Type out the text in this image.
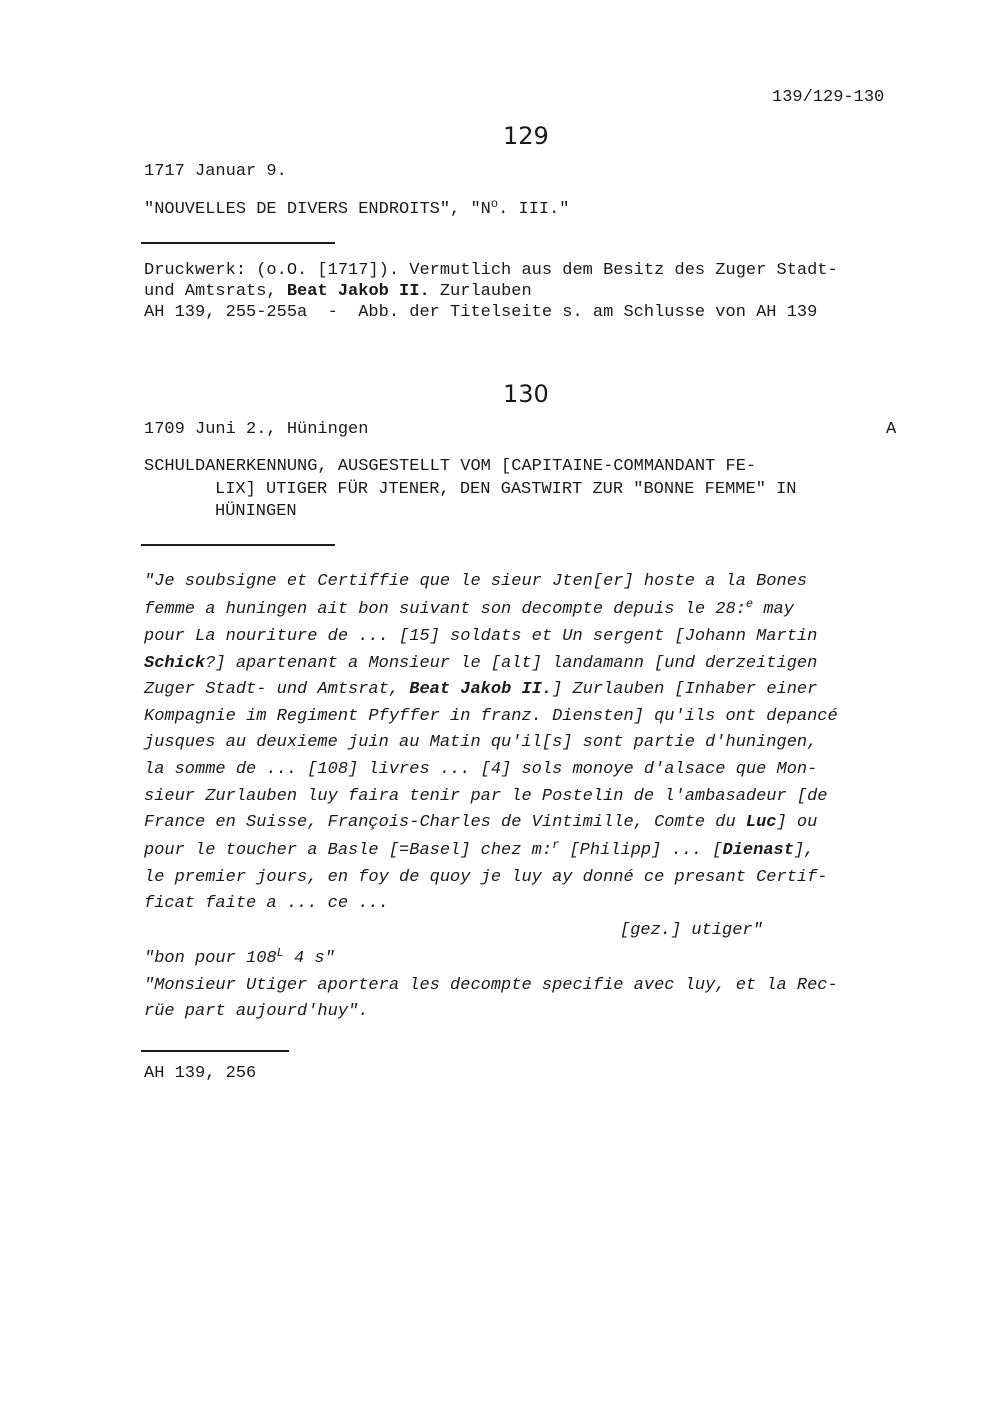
139/129-130
129
1717 Januar 9.
"NOUVELLES DE DIVERS ENDROITS", "$N^o$. III."
Druckwerk: (o.O. [1717]). Vermutlich aus dem Besitz des Zuger Stadt-
und Amtsrats, Beat Jakob II. Zurlauben
AH 139, 255-255a  -  Abb. der Titelseite s. am Schlusse von AH 139
130
1709 Juni 2., Hüningen	A
SCHULDANERKENNUNG, AUSGESTELLT VOM [CAPITAINE-COMMANDANT FE-
LIX] UTIGER FÜR JTENER, DEN GASTWIRT ZUR "BONNE FEMME" IN
HÜNINGEN
"Je soubsigne et Certiffie que le sieur Jten[er] hoste a la Bones
femme a huningen ait bon suivant son decompte depuis le 28:$^e$ may
pour La nouriture de ... [15] soldats et Un sergent [Johann Martin
Schick?] apartenant a Monsieur le [alt] landamann [und derzeitigen
Zuger Stadt- und Amtsrat, Beat Jakob II.] Zurlauben [Inhaber einer
Kompagnie im Regiment Pfyffer in franz. Diensten] qu'ils ont depancé
jusques au deuxieme juin au Matin qu'il[s] sont partie d'huningen,
la somme de ... [108] livres ... [4] sols monoye d'alsace que Mon-
sieur Zurlauben luy faira tenir par le Postelin de l'ambasadeur [de
France en Suisse, François-Charles de Vintimille, Comte du Luc] ou
pour le toucher a Basle [=Basel] chez m:$^r$ [Philipp] ... [Dienast],
le premier jours, en foy de quoy je luy ay donné ce presant Certif-
ficat faite a ... ce ...
[gez.] utiger"
"bon pour $108^L$ 4 s"
"Monsieur Utiger aportera les decompte specifie avec luy, et la Rec-
rüe part aujourd'huy".
AH 139, 256
